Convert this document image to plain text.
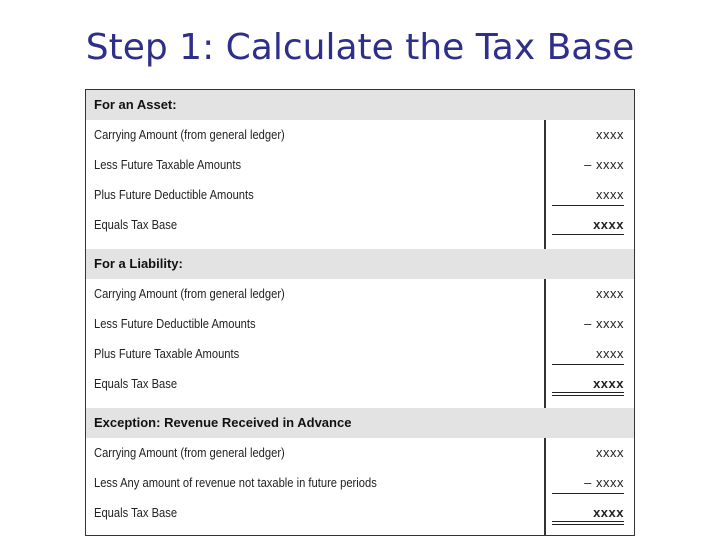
Step 1: Calculate the Tax Base
For an Asset:
Carrying Amount (from general ledger)	xxxx
Less Future Taxable Amounts	– xxxx
Plus Future Deductible Amounts	xxxx
Equals Tax Base	xxxx
For a Liability:
Carrying Amount (from general ledger)	xxxx
Less Future Deductible Amounts	– xxxx
Plus Future Taxable Amounts	xxxx
Equals Tax Base	xxxx
Exception: Revenue Received in Advance
Carrying Amount (from general ledger)	xxxx
Less Any amount of revenue not taxable in future periods	– xxxx
Equals Tax Base	xxxx
